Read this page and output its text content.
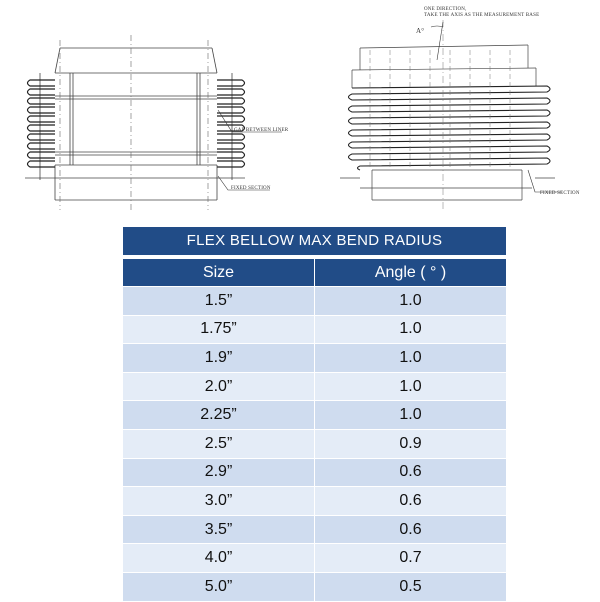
GAP BETWEEN LINER
FIXED SECTION
ONE DIRECTION,
TAKE THE AXIS AS THE MEASUREMENT BASE
A°
FIXED SECTION
FLEX BELLOW MAX BEND RADIUS
Size	Angle ( ° )
1.5”	1.0
1.75”	1.0
1.9”	1.0
2.0”	1.0
2.25”	1.0
2.5”	0.9
2.9”	0.6
3.0”	0.6
3.5”	0.6
4.0”	0.7
5.0”	0.5
